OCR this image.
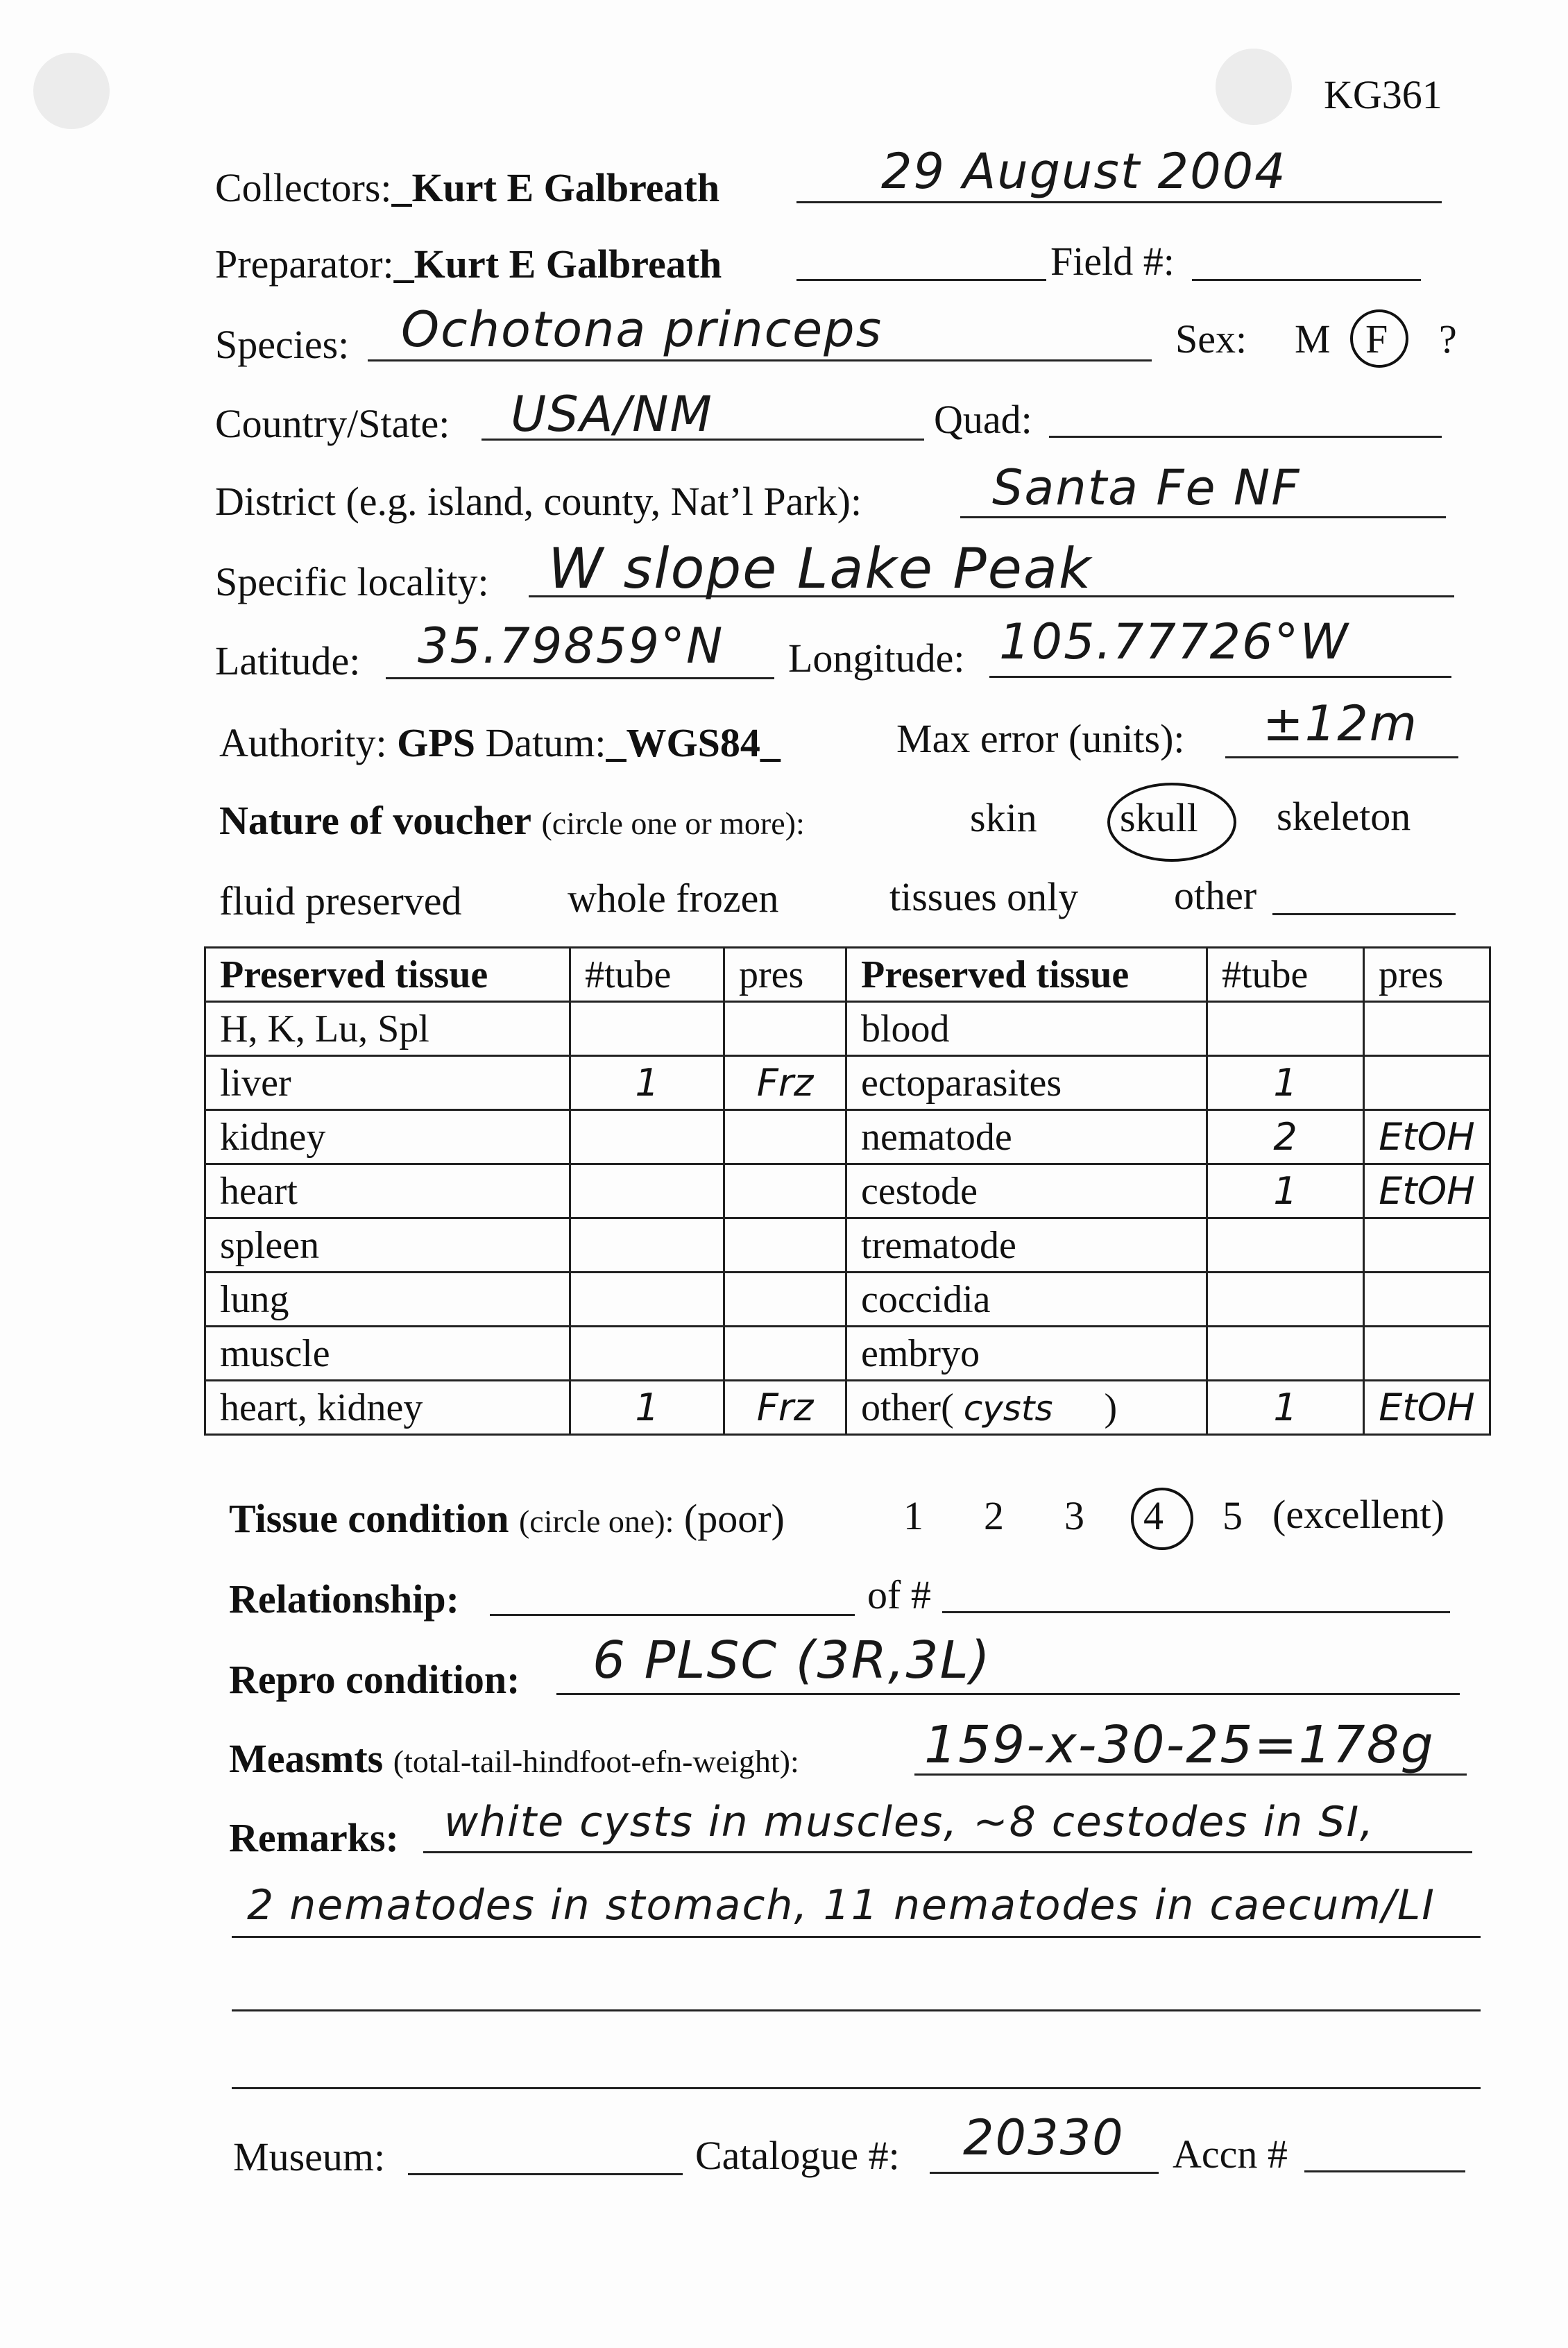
KG361
Collectors:_Kurt E Galbreath	29 August 2004
Preparator:_Kurt E Galbreath	Field #:
Species: Ochotona princeps	Sex: M F ?
Country/State: USA/NM	Quad:
District (e.g. island, county, Nat’l Park):	Santa Fe NF
Specific locality: W slope Lake Peak
Latitude: 35.79859°N Longitude: 105.77726°W
Authority: GPS Datum:_WGS84_	Max error (units): ±12m
Nature of voucher (circle one or more):	skin skull skeleton
fluid preserved	whole frozen	tissues only other
Preserved tissue	#tube	pres	Preserved tissue	#tube	pres
H, K, Lu, Spl			blood		
liver	1	Frz	ectoparasites	1	
kidney			nematode	2	EtOH
heart			cestode	1	EtOH
spleen			trematode		
lung			coccidia		
muscle			embryo		
heart, kidney	1	Frz	other( cysts )	1	EtOH
Tissue condition (circle one): (poor)	1 2 3 4 5 (excellent)
Relationship:	of #
Repro condition: 6 PLSC (3R,3L)
Measmts (total-tail-hindfoot-efn-weight): 159-x-30-25=178g
Remarks: white cysts in muscles, ~8 cestodes in SI,
2 nematodes in stomach, 11 nematodes in caecum/LI
Museum:	Catalogue #: 20330 Accn #
